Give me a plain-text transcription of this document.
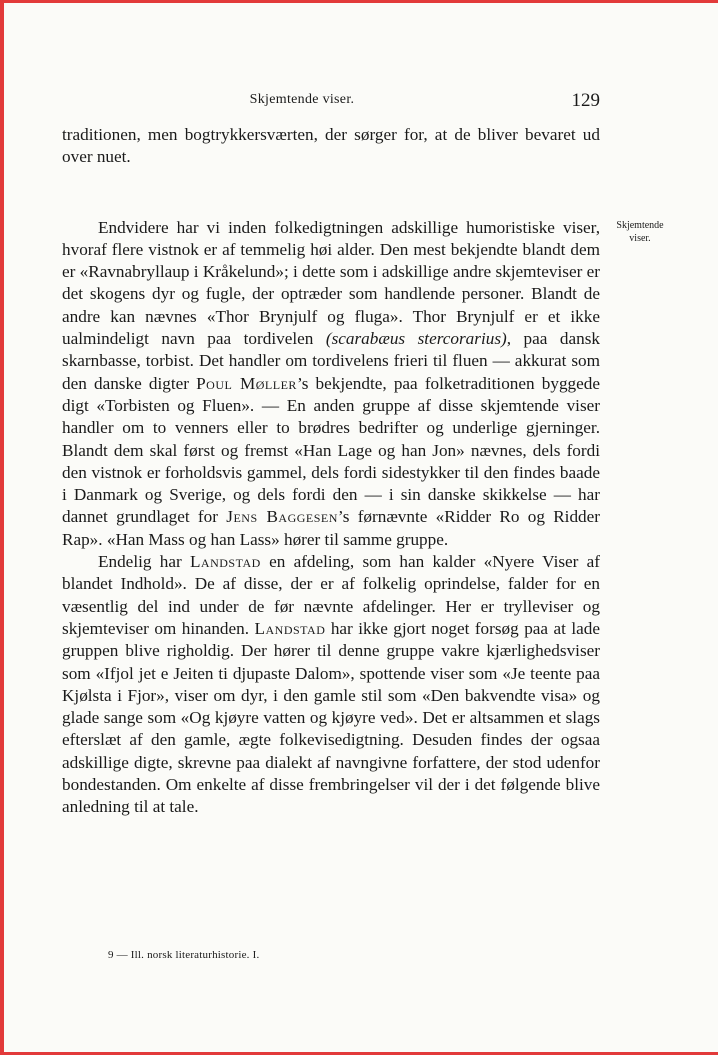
Skjemtende viser.	129

traditionen, men bogtrykkersværten, der sørger for, at de bliver bevaret ud over nuet.

Endvidere har vi inden folkedigtningen adskillige humoristiske viser, hvoraf flere vistnok er af temmelig høi alder. Den mest bekjendte blandt dem er «Ravnabryllaup i Kråkelund»; i dette som i adskillige andre skjemteviser er det skogens dyr og fugle, der optræder som handlende personer. Blandt de andre kan nævnes «Thor Brynjulf og fluga». Thor Brynjulf er et ikke ualmindeligt navn paa tordivelen (scarabæus stercorarius), paa dansk skarnbasse, torbist. Det handler om tordivelens frieri til fluen — akkurat som den danske digter Poul Møller’s bekjendte, paa folketraditionen byggede digt «Torbisten og Fluen». — En anden gruppe af disse skjemtende viser handler om to venners eller to brødres bedrifter og underlige gjerninger. Blandt dem skal først og fremst «Han Lage og han Jon» nævnes, dels fordi den vistnok er forholdsvis gammel, dels fordi sidestykker til den findes baade i Danmark og Sverige, og dels fordi den — i sin danske skikkelse — har dannet grundlaget for Jens Baggesen’s førnævnte «Ridder Ro og Ridder Rap». «Han Mass og han Lass» hører til samme gruppe.

Endelig har Landstad en afdeling, som han kalder «Nyere Viser af blandet Indhold». De af disse, der er af folkelig oprindelse, falder for en væsentlig del ind under de før nævnte afdelinger. Her er trylleviser og skjemteviser om hinanden. Landstad har ikke gjort noget forsøg paa at lade gruppen blive righoldig. Der hører til denne gruppe vakre kjærlighedsviser som «Ifjol jet e Jeiten ti djupaste Dalom», spottende viser som «Je teente paa Kjølsta i Fjor», viser om dyr, i den gamle stil som «Den bakvendte visa» og glade sange som «Og kjøyre vatten og kjøyre ved». Det er altsammen et slags efterslæt af den gamle, ægte folkevisedigtning. Desuden findes der ogsaa adskillige digte, skrevne paa dialekt af navngivne forfattere, der stod udenfor bondestanden. Om enkelte af disse frembringelser vil der i det følgende blive anledning til at tale.

Skjemtende
viser.
9 — Ill. norsk literaturhistorie. I.
